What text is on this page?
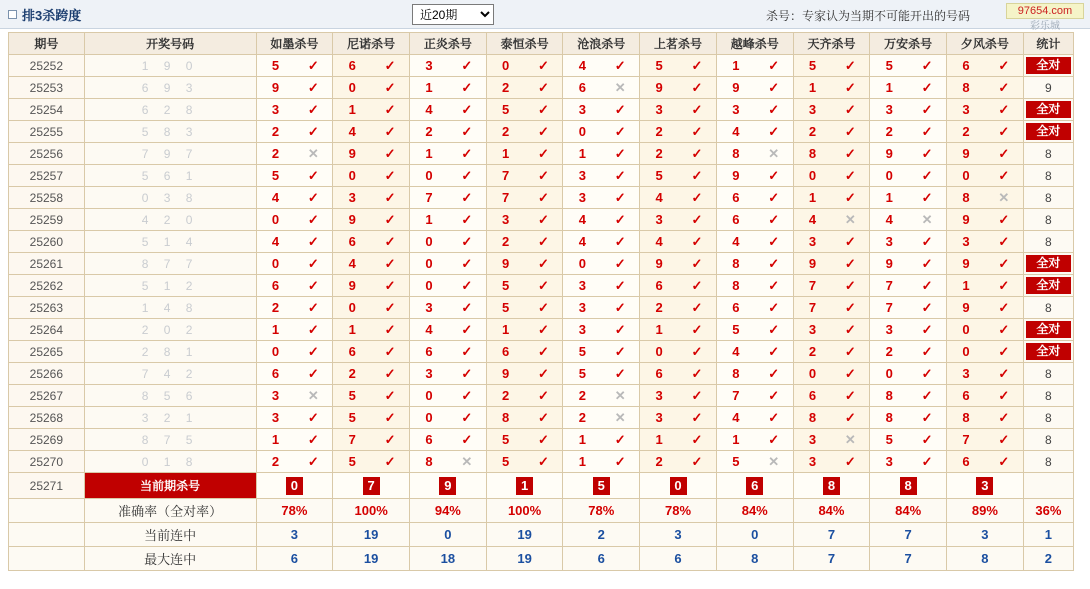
排3杀跨度
近20期	杀号：专家认为当期不可能开出的号码	97654.com
彩乐城
期号	开奖号码	如墨杀号	尼诺杀号	正炎杀号	泰恒杀号	沧浪杀号	上茗杀号	越峰杀号	天齐杀号	万安杀号	夕风杀号	统计
25252	1 9 0	5 ✓	6 ✓	3 ✓	0 ✓	4 ✓	5 ✓	1 ✓	5 ✓	5 ✓	6 ✓	全对

25253	6 9 3	9 ✓	0 ✓	1 ✓	2 ✓	6 ✕	9 ✓	9 ✓	1 ✓	1 ✓	8 ✓	9
25254	6 2 8	3 ✓	1 ✓	4 ✓	5 ✓	3 ✓	3 ✓	3 ✓	3 ✓	3 ✓	3 ✓	全对

25255	5 8 3	2 ✓	4 ✓	2 ✓	2 ✓	0 ✓	2 ✓	4 ✓	2 ✓	2 ✓	2 ✓	全对

25256	7 9 7	2 ✕	9 ✓	1 ✓	1 ✓	1 ✓	2 ✓	8 ✕	8 ✓	9 ✓	9 ✓	8
25257	5 6 1	5 ✓	0 ✓	0 ✓	7 ✓	3 ✓	5 ✓	9 ✓	0 ✓	0 ✓	0 ✓	8
25258	0 3 8	4 ✓	3 ✓	7 ✓	7 ✓	3 ✓	4 ✓	6 ✓	1 ✓	1 ✓	8 ✕	8
25259	4 2 0	0 ✓	9 ✓	1 ✓	3 ✓	4 ✓	3 ✓	6 ✓	4 ✕	4 ✕	9 ✓	8
25260	5 1 4	4 ✓	6 ✓	0 ✓	2 ✓	4 ✓	4 ✓	4 ✓	3 ✓	3 ✓	3 ✓	8
25261	8 7 7	0 ✓	4 ✓	0 ✓	9 ✓	0 ✓	9 ✓	8 ✓	9 ✓	9 ✓	9 ✓	全对

25262	5 1 2	6 ✓	9 ✓	0 ✓	5 ✓	3 ✓	6 ✓	8 ✓	7 ✓	7 ✓	1 ✓	全对

25263	1 4 8	2 ✓	0 ✓	3 ✓	5 ✓	3 ✓	2 ✓	6 ✓	7 ✓	7 ✓	9 ✓	8
25264	2 0 2	1 ✓	1 ✓	4 ✓	1 ✓	3 ✓	1 ✓	5 ✓	3 ✓	3 ✓	0 ✓	全对

25265	2 8 1	0 ✓	6 ✓	6 ✓	6 ✓	5 ✓	0 ✓	4 ✓	2 ✓	2 ✓	0 ✓	全对

25266	7 4 2	6 ✓	2 ✓	3 ✓	9 ✓	5 ✓	6 ✓	8 ✓	0 ✓	0 ✓	3 ✓	8
25267	8 5 6	3 ✕	5 ✓	0 ✓	2 ✓	2 ✕	3 ✓	7 ✓	6 ✓	8 ✓	6 ✓	8
25268	3 2 1	3 ✓	5 ✓	0 ✓	8 ✓	2 ✕	3 ✓	4 ✓	8 ✓	8 ✓	8 ✓	8
25269	8 7 5	1 ✓	7 ✓	6 ✓	5 ✓	1 ✓	1 ✓	1 ✓	3 ✕	5 ✓	7 ✓	8
25270	0 1 8	2 ✓	5 ✓	8 ✕	5 ✓	1 ✓	2 ✓	5 ✕	3 ✓	3 ✓	6 ✓	8
25271	当前期杀号	0	7	9	1	5	0	6	8	8	3	
	准确率（全对率）	78%	100%	94%	100%	78%	78%	84%	84%	84%	89%	36%
	当前连中	3	19	0	19	2	3	0	7	7	3	1
	最大连中	6	19	18	19	6	6	8	7	7	8	2
